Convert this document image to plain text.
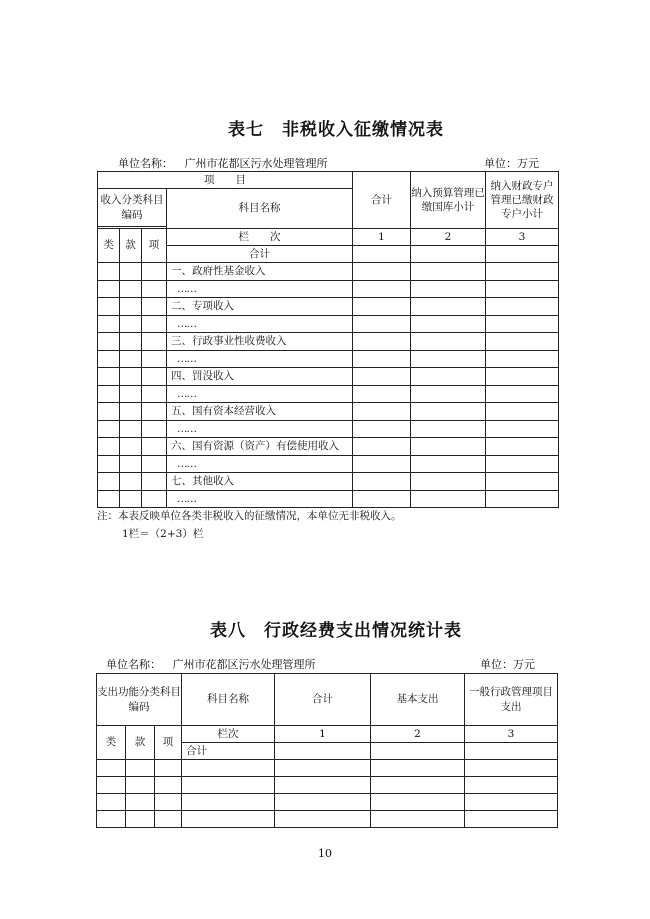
表七　非税收入征缴情况表
单位名称： 广州市花都区污水处理管理所	单位：万元
项　　目				合计	纳入预算管理已缴国库小计	纳入财政专户管理已缴财政专户小计
收入分类科目编码			科目名称			

类	款	项	栏　　次	1	2	3
			合计			
			一、政府性基金收入			
			……			
			二、专项收入			
			……			
			三、行政事业性收费收入			
			……			
			四、罚没收入			
			……			
			五、国有资本经营收入			
			……			
			六、国有资源（资产）有偿使用收入			
			……			
			七、其他收入			
			……			
注：本表反映单位各类非税收入的征缴情况，本单位无非税收入。
1栏＝（2+3）栏
表八　行政经费支出情况统计表
单位名称： 广州市花都区污水处理管理所	单位：万元
支出功能分类科目编码			科目名称	合计	基本支出	一般行政管理项目支出
类	款	项	栏次	1	2	3
			合计			

10
